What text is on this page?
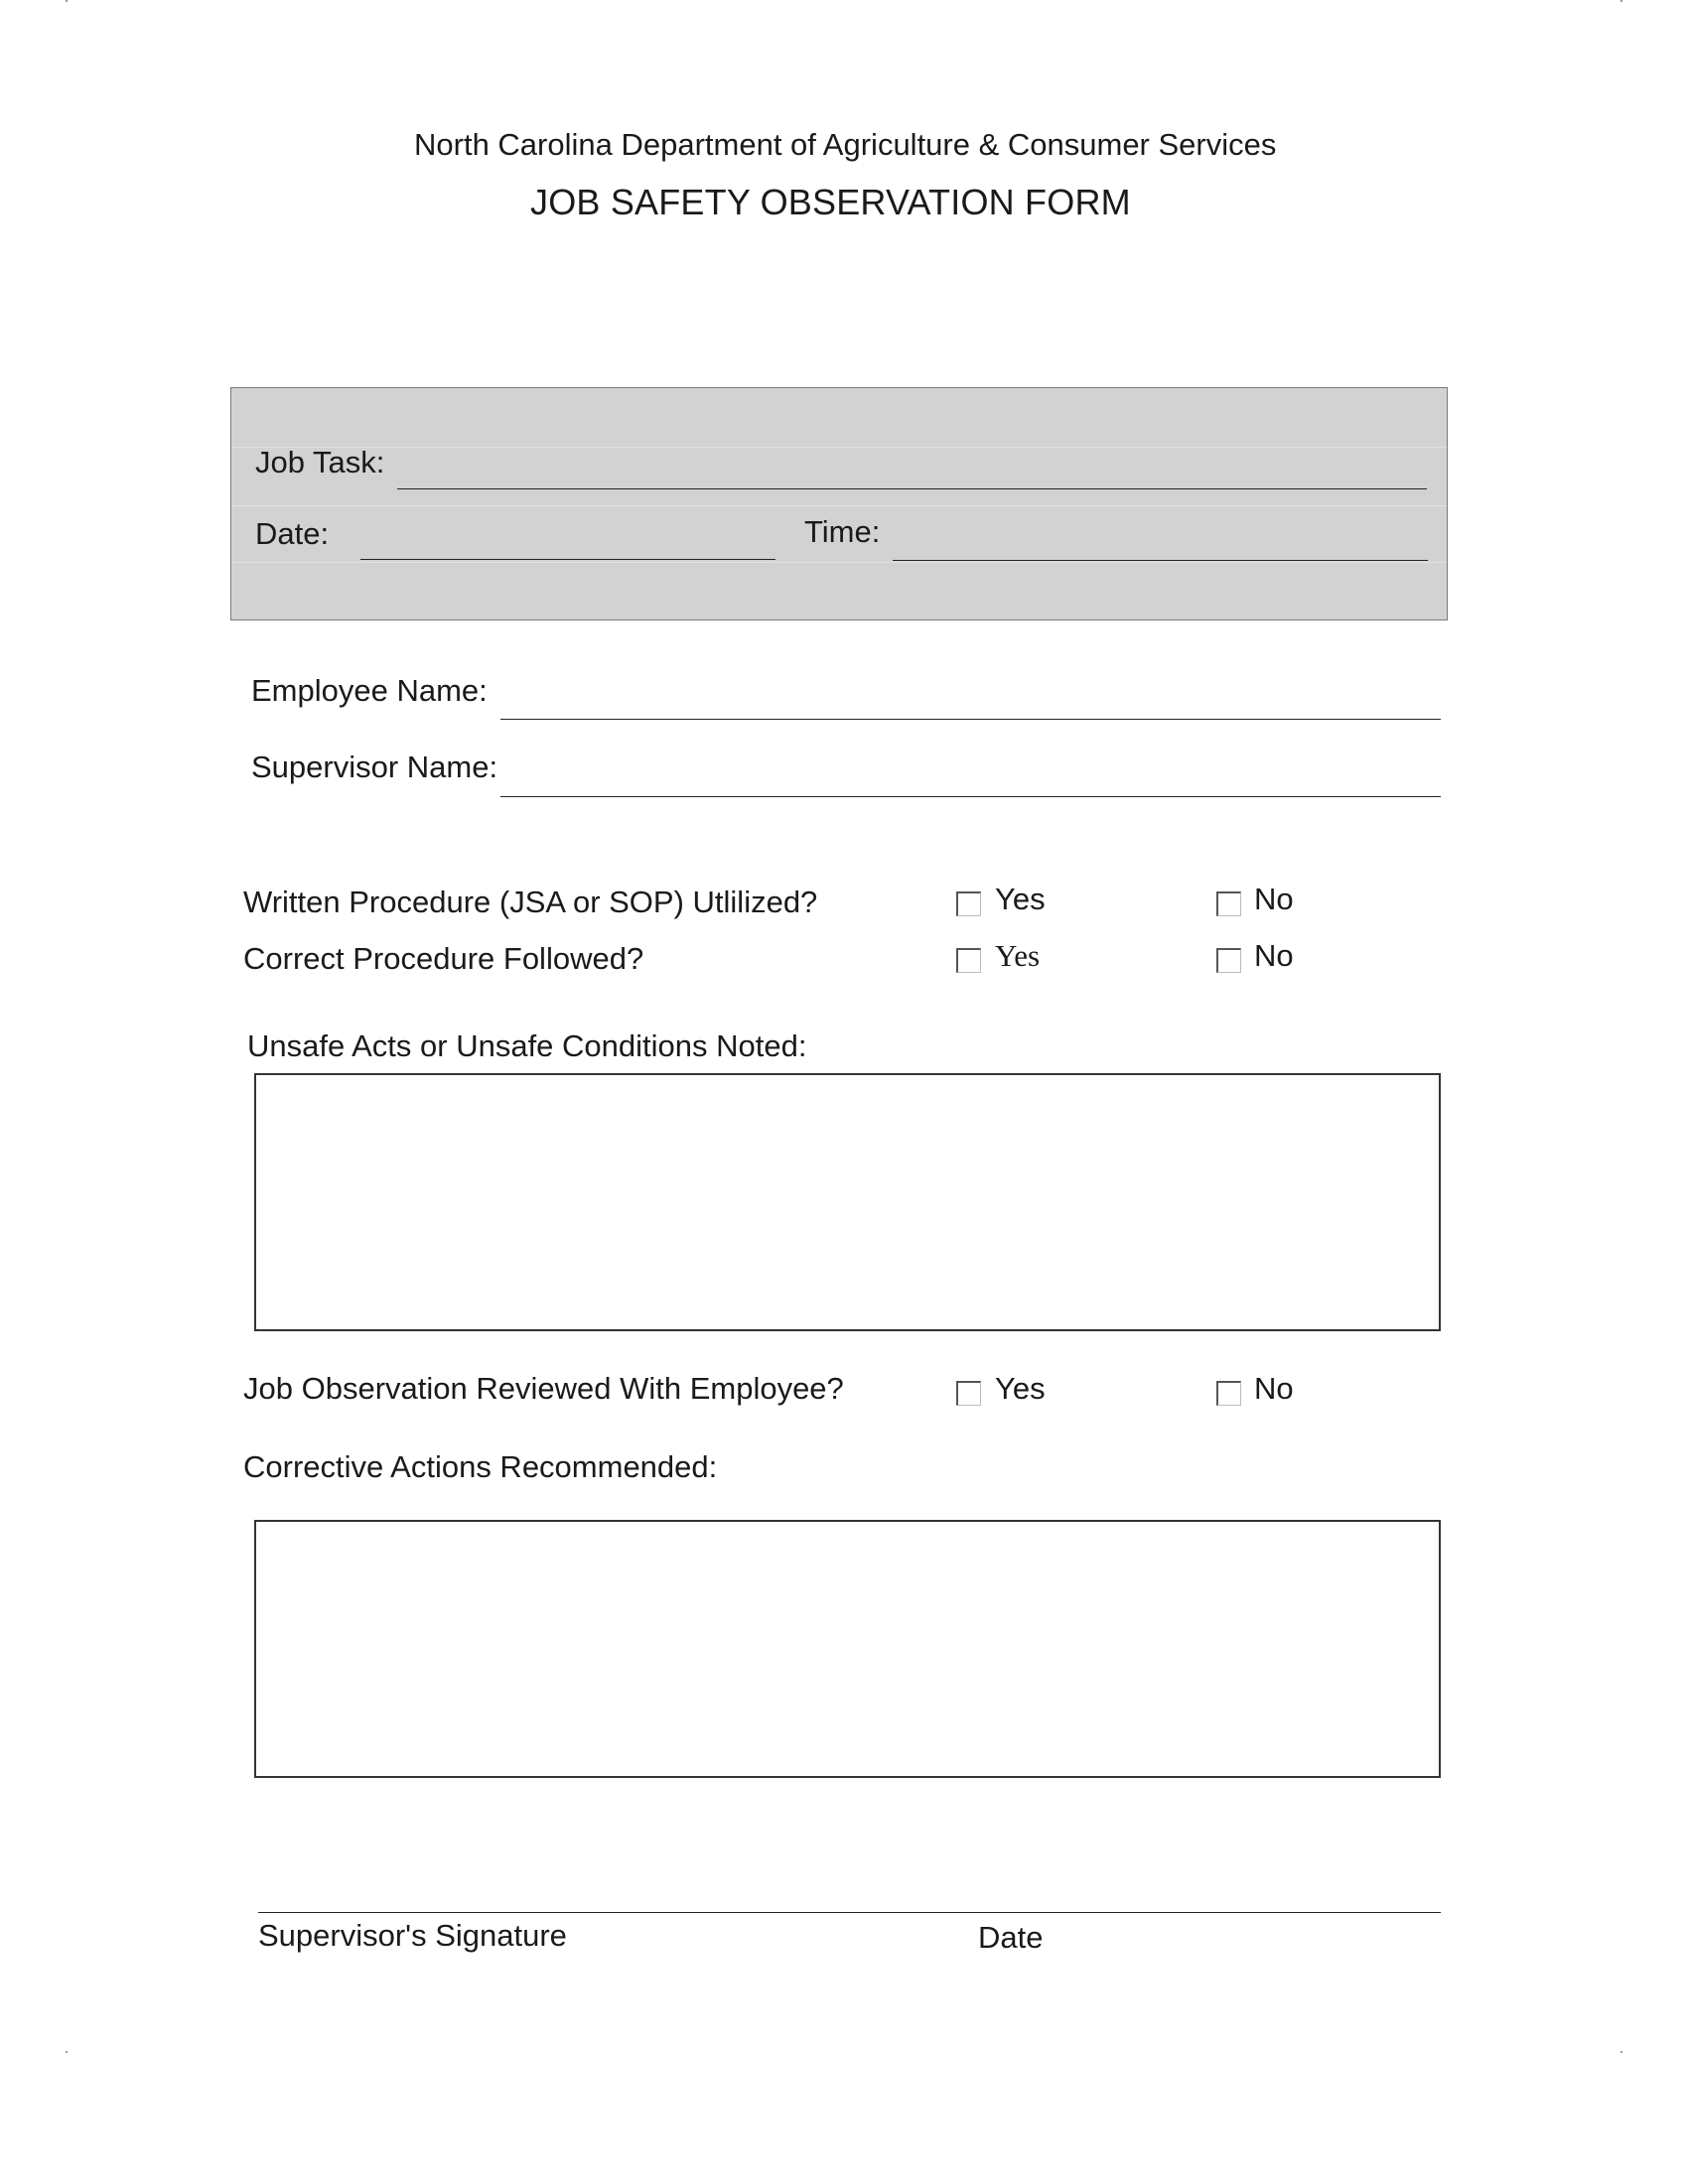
North Carolina Department of Agriculture & Consumer Services
JOB SAFETY OBSERVATION FORM
Job Task:
Date:	Time:
Employee Name:
Supervisor Name:
Written Procedure (JSA or SOP) Utlilized?	Yes	No
Correct Procedure Followed?	Yes	No
Unsafe Acts or Unsafe Conditions Noted:
Job Observation Reviewed With Employee?	Yes	No
Corrective Actions Recommended:
Supervisor's Signature	Date
